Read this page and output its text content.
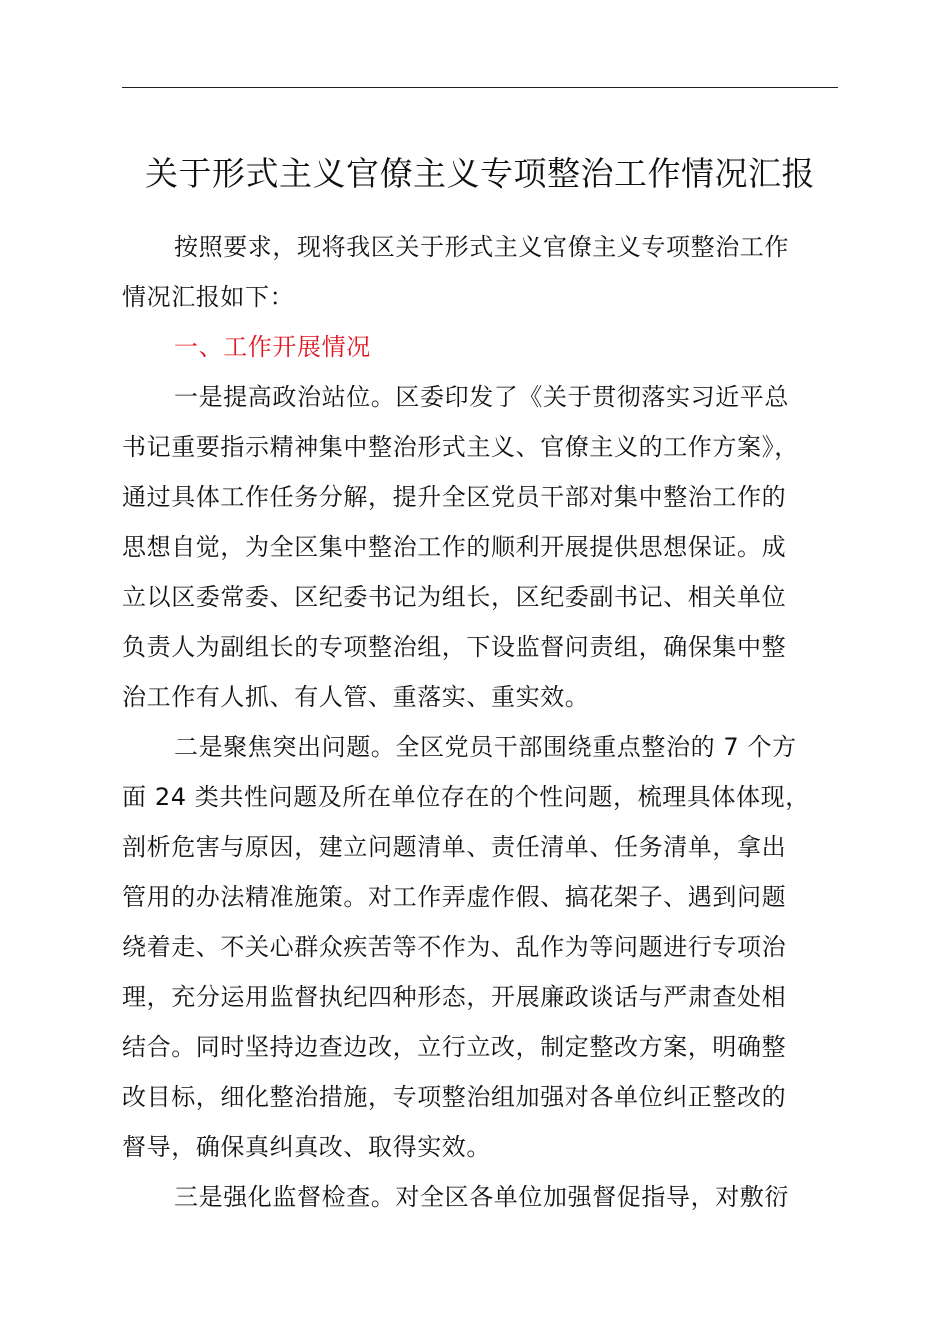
关于形式主义官僚主义专项整治工作情况汇报

按照要求，现将我区关于形式主义官僚主义专项整治工作
情况汇报如下：

一、工作开展情况

一是提高政治站位。区委印发了《关于贯彻落实习近平总
书记重要指示精神集中整治形式主义、官僚主义的工作方案》，
通过具体工作任务分解，提升全区党员干部对集中整治工作的
思想自觉，为全区集中整治工作的顺利开展提供思想保证。成
立以区委常委、区纪委书记为组长，区纪委副书记、相关单位
负责人为副组长的专项整治组，下设监督问责组，确保集中整
治工作有人抓、有人管、重落实、重实效。

二是聚焦突出问题。全区党员干部围绕重点整治的 7 个方
面 24 类共性问题及所在单位存在的个性问题，梳理具体体现，
剖析危害与原因，建立问题清单、责任清单、任务清单，拿出
管用的办法精准施策。对工作弄虚作假、搞花架子、遇到问题
绕着走、不关心群众疾苦等不作为、乱作为等问题进行专项治
理，充分运用监督执纪四种形态，开展廉政谈话与严肃查处相
结合。同时坚持边查边改，立行立改，制定整改方案，明确整
改目标，细化整治措施，专项整治组加强对各单位纠正整改的
督导，确保真纠真改、取得实效。

三是强化监督检查。对全区各单位加强督促指导，对敷衍
